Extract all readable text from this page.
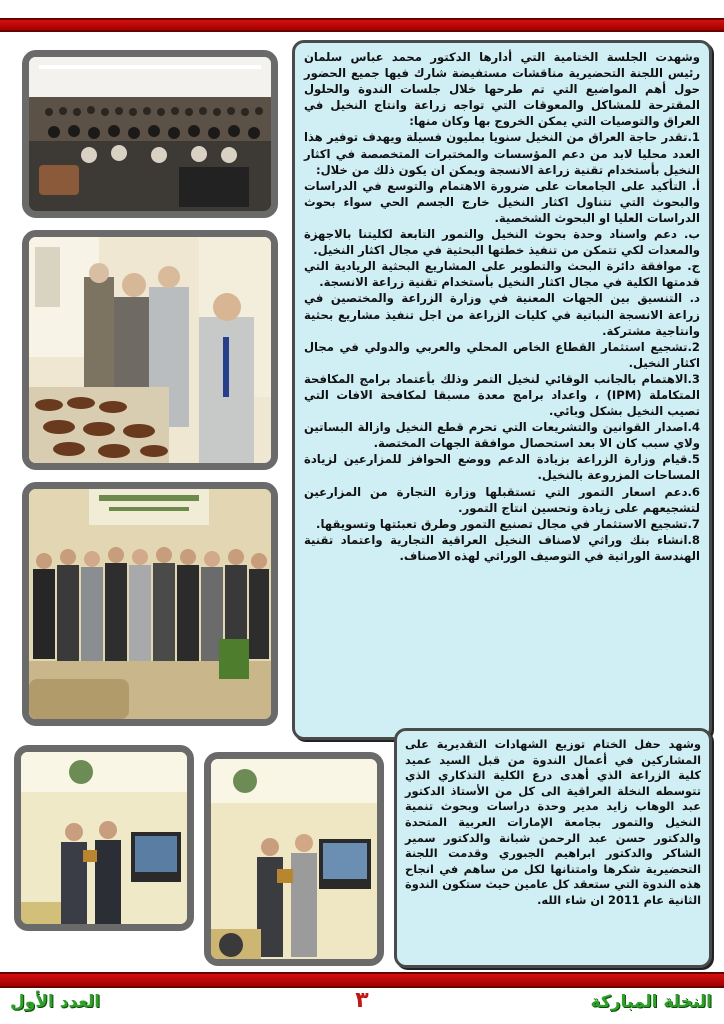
وشهدت الجلسة الختامية التي أدارها الدكتور محمد عباس سلمان رئيس اللجنة التحضيرية مناقشات مستفيضة شارك فيها جميع الحضور حول أهم المواضيع التي تم طرحها خلال جلسات الندوة والحلول المقترحة للمشاكل والمعوقات التي تواجه زراعة وانتاج النخيل في العراق والتوصيات التي يمكن الخروج بها وكان منها:

1.تقدر حاجة العراق من النخيل سنويا بمليون فسيلة ويهدف توفير هذا العدد محليا لابد من دعم المؤسسات والمختبرات المتخصصة في اكثار النخيل بأستخدام تقنية زراعة الانسجة ويمكن ان يكون ذلك من خلال:

أ. التأكيد على الجامعات على ضرورة الاهتمام والتوسع في الدراسات والبحوث التي تتناول اكثار النخيل خارج الجسم الحي سواء بحوث الدراسات العليا او البحوث الشخصية.

ب. دعم واسناد وحدة بحوث النخيل والتمور التابعة لكليتنا بالاجهزة والمعدات لكي تتمكن من تنفيذ خطتها البحثية في مجال اكثار النخيل.

ج. موافقة دائرة البحث والتطوير على المشاريع البحثية الريادية التي قدمتها الكلية في مجال اكثار النخيل بأستخدام تقنية زراعة الانسجة.

د. التنسيق بين الجهات المعنية في وزارة الزراعة والمختصين في زراعة الانسجة النباتية في كليات الزراعة من اجل تنفيذ مشاريع بحثية وانتاجية مشتركة.

2.تشجيع استثمار القطاع الخاص المحلي والعربي والدولي في مجال اكثار النخيل.

3.الاهتمام بالجانب الوقائي لنخيل التمر وذلك بأعتماد برامج المكافحة المتكاملة (IPM) ، واعداد برامج معدة مسبقا لمكافحة الافات التي تصيب النخيل بشكل وبائي.

4.اصدار القوانين والتشريعات التي تحرم قطع النخيل وازالة البساتين ولاي سبب كان الا بعد استحصال موافقة الجهات المختصة.

5.قيام وزارة الزراعة بزيادة الدعم ووضع الحوافز للمزارعين لزيادة المساحات المزروعة بالنخيل.

6.دعم اسعار التمور التي تستقبلها وزارة التجارة من المزارعين لتشجيعهم على زيادة وتحسين انتاج التمور.

7.تشجيع الاستثمار في مجال تصنيع التمور وطرق تعبئتها وتسويقها.

8.انشاء بنك وراثي لاصناف النخيل العراقية التجارية واعتماد تقنية الهندسة الوراثية في التوصيف الوراثي لهذه الاصناف.

وشهد حفل الختام توزيع الشهادات التقديرية على المشاركين في أعمال الندوة من قبل السيد عميد كلية الزراعة الذي أهدى درع الكلية التذكاري الذي تتوسطه النخلة العراقية الى كل من الأستاذ الدكتور عبد الوهاب زايد مدير وحدة دراسات وبحوث تنمية النخيل والتمور بجامعة الإمارات العربية المتحدة والدكتور حسن عبد الرحمن شبانة والدكتور سمير الشاكر والدكتور ابراهيم الجبوري وقدمت اللجنة التحضيرية شكرها وامتنانها لكل من ساهم في انجاح هذه الندوة التي ستعقد كل عامين حيث ستكون الندوة الثانية عام 2011 ان شاء الله.

النخلة المباركة
٣
العدد الأول
